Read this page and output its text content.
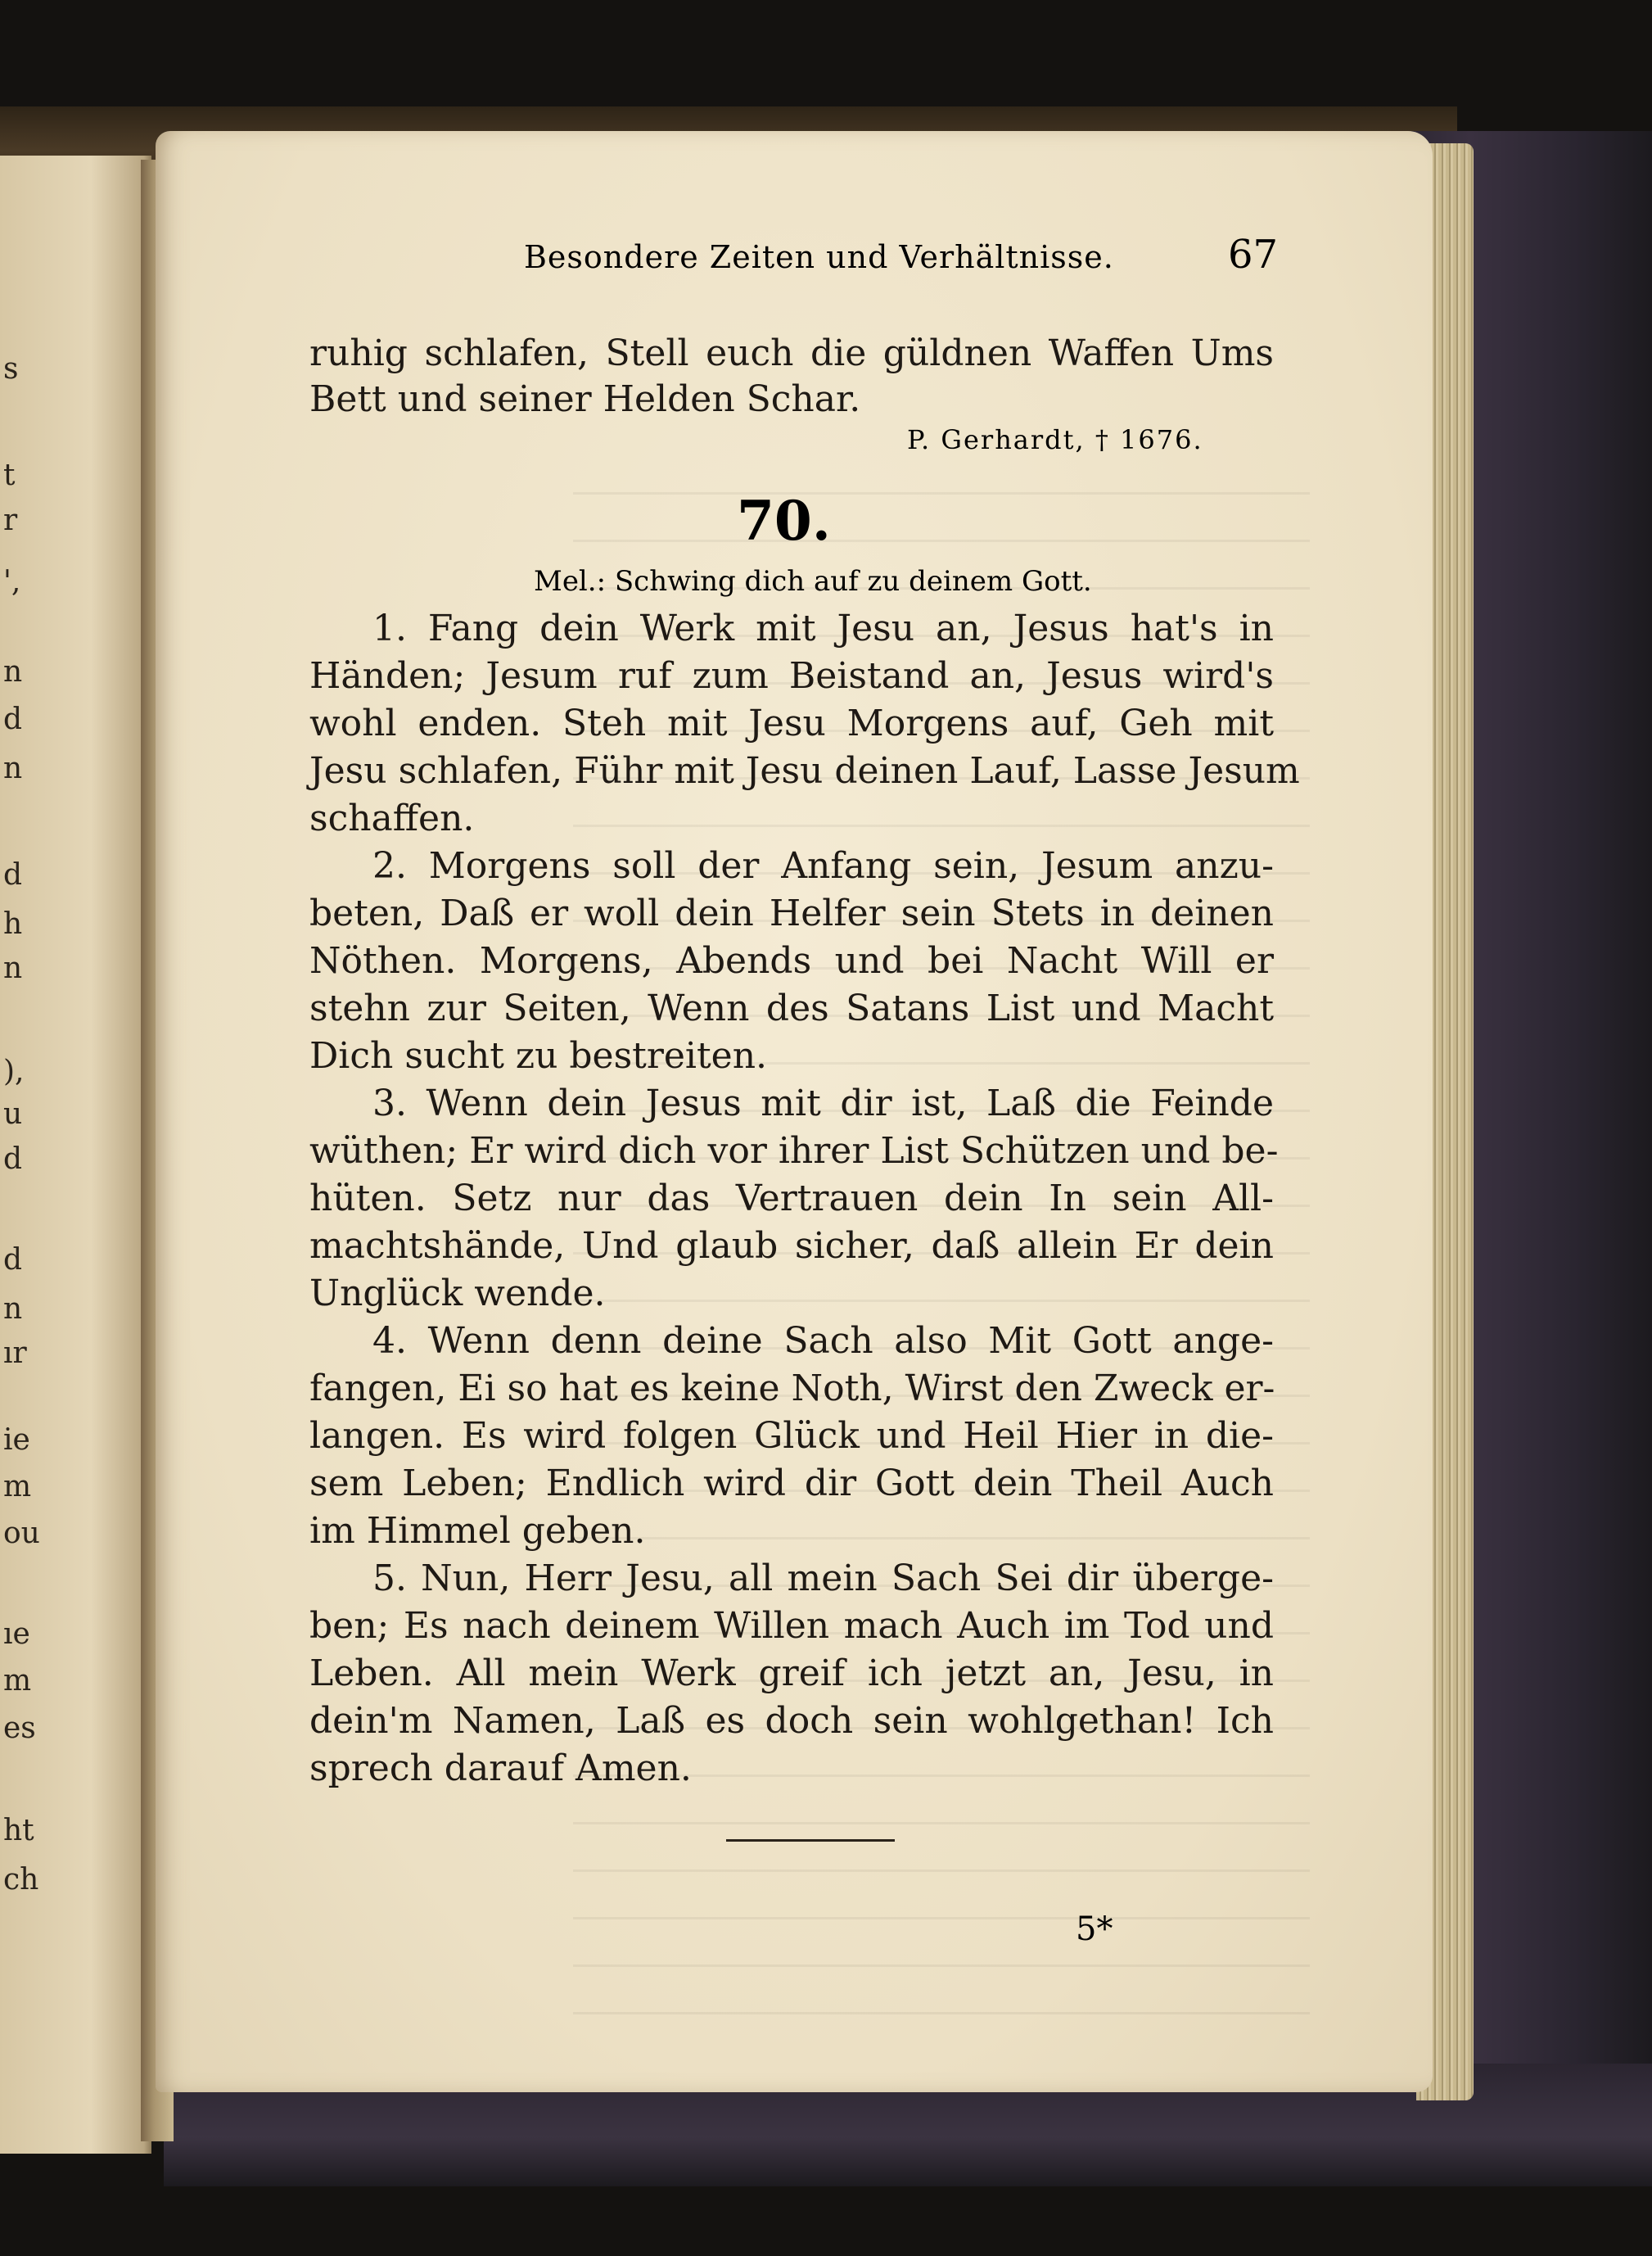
s
t
r
',
n
d
n
d
h
n
),
u
d
d
n
ır
ie
m
ou
ıe
m
es
ht
ch
Besondere Zeiten und Verhältnisse.	67
ruhig schlafen, Stell euch die güldnen Waffen Ums
Bett und seiner Helden Schar.
P. Gerhardt, † 1676.
70.
Mel.: Schwing dich auf zu deinem Gott.
1. Fang dein Werk mit Jesu an, Jesus hat's in
Händen; Jesum ruf zum Beistand an, Jesus wird's
wohl enden. Steh mit Jesu Morgens auf, Geh mit
Jesu schlafen, Führ mit Jesu deinen Lauf, Lasse Jesum
schaffen.
2. Morgens soll der Anfang sein, Jesum anzu-
beten, Daß er woll dein Helfer sein Stets in deinen
Nöthen. Morgens, Abends und bei Nacht Will er
stehn zur Seiten, Wenn des Satans List und Macht
Dich sucht zu bestreiten.
3. Wenn dein Jesus mit dir ist, Laß die Feinde
wüthen; Er wird dich vor ihrer List Schützen und be-
hüten. Setz nur das Vertrauen dein In sein All-
machtshände, Und glaub sicher, daß allein Er dein
Unglück wende.
4. Wenn denn deine Sach also Mit Gott ange-
fangen, Ei so hat es keine Noth, Wirst den Zweck er-
langen. Es wird folgen Glück und Heil Hier in die-
sem Leben; Endlich wird dir Gott dein Theil Auch
im Himmel geben.
5. Nun, Herr Jesu, all mein Sach Sei dir überge-
ben; Es nach deinem Willen mach Auch im Tod und
Leben. All mein Werk greif ich jetzt an, Jesu, in
dein'm Namen, Laß es doch sein wohlgethan! Ich
sprech darauf Amen.
5*
